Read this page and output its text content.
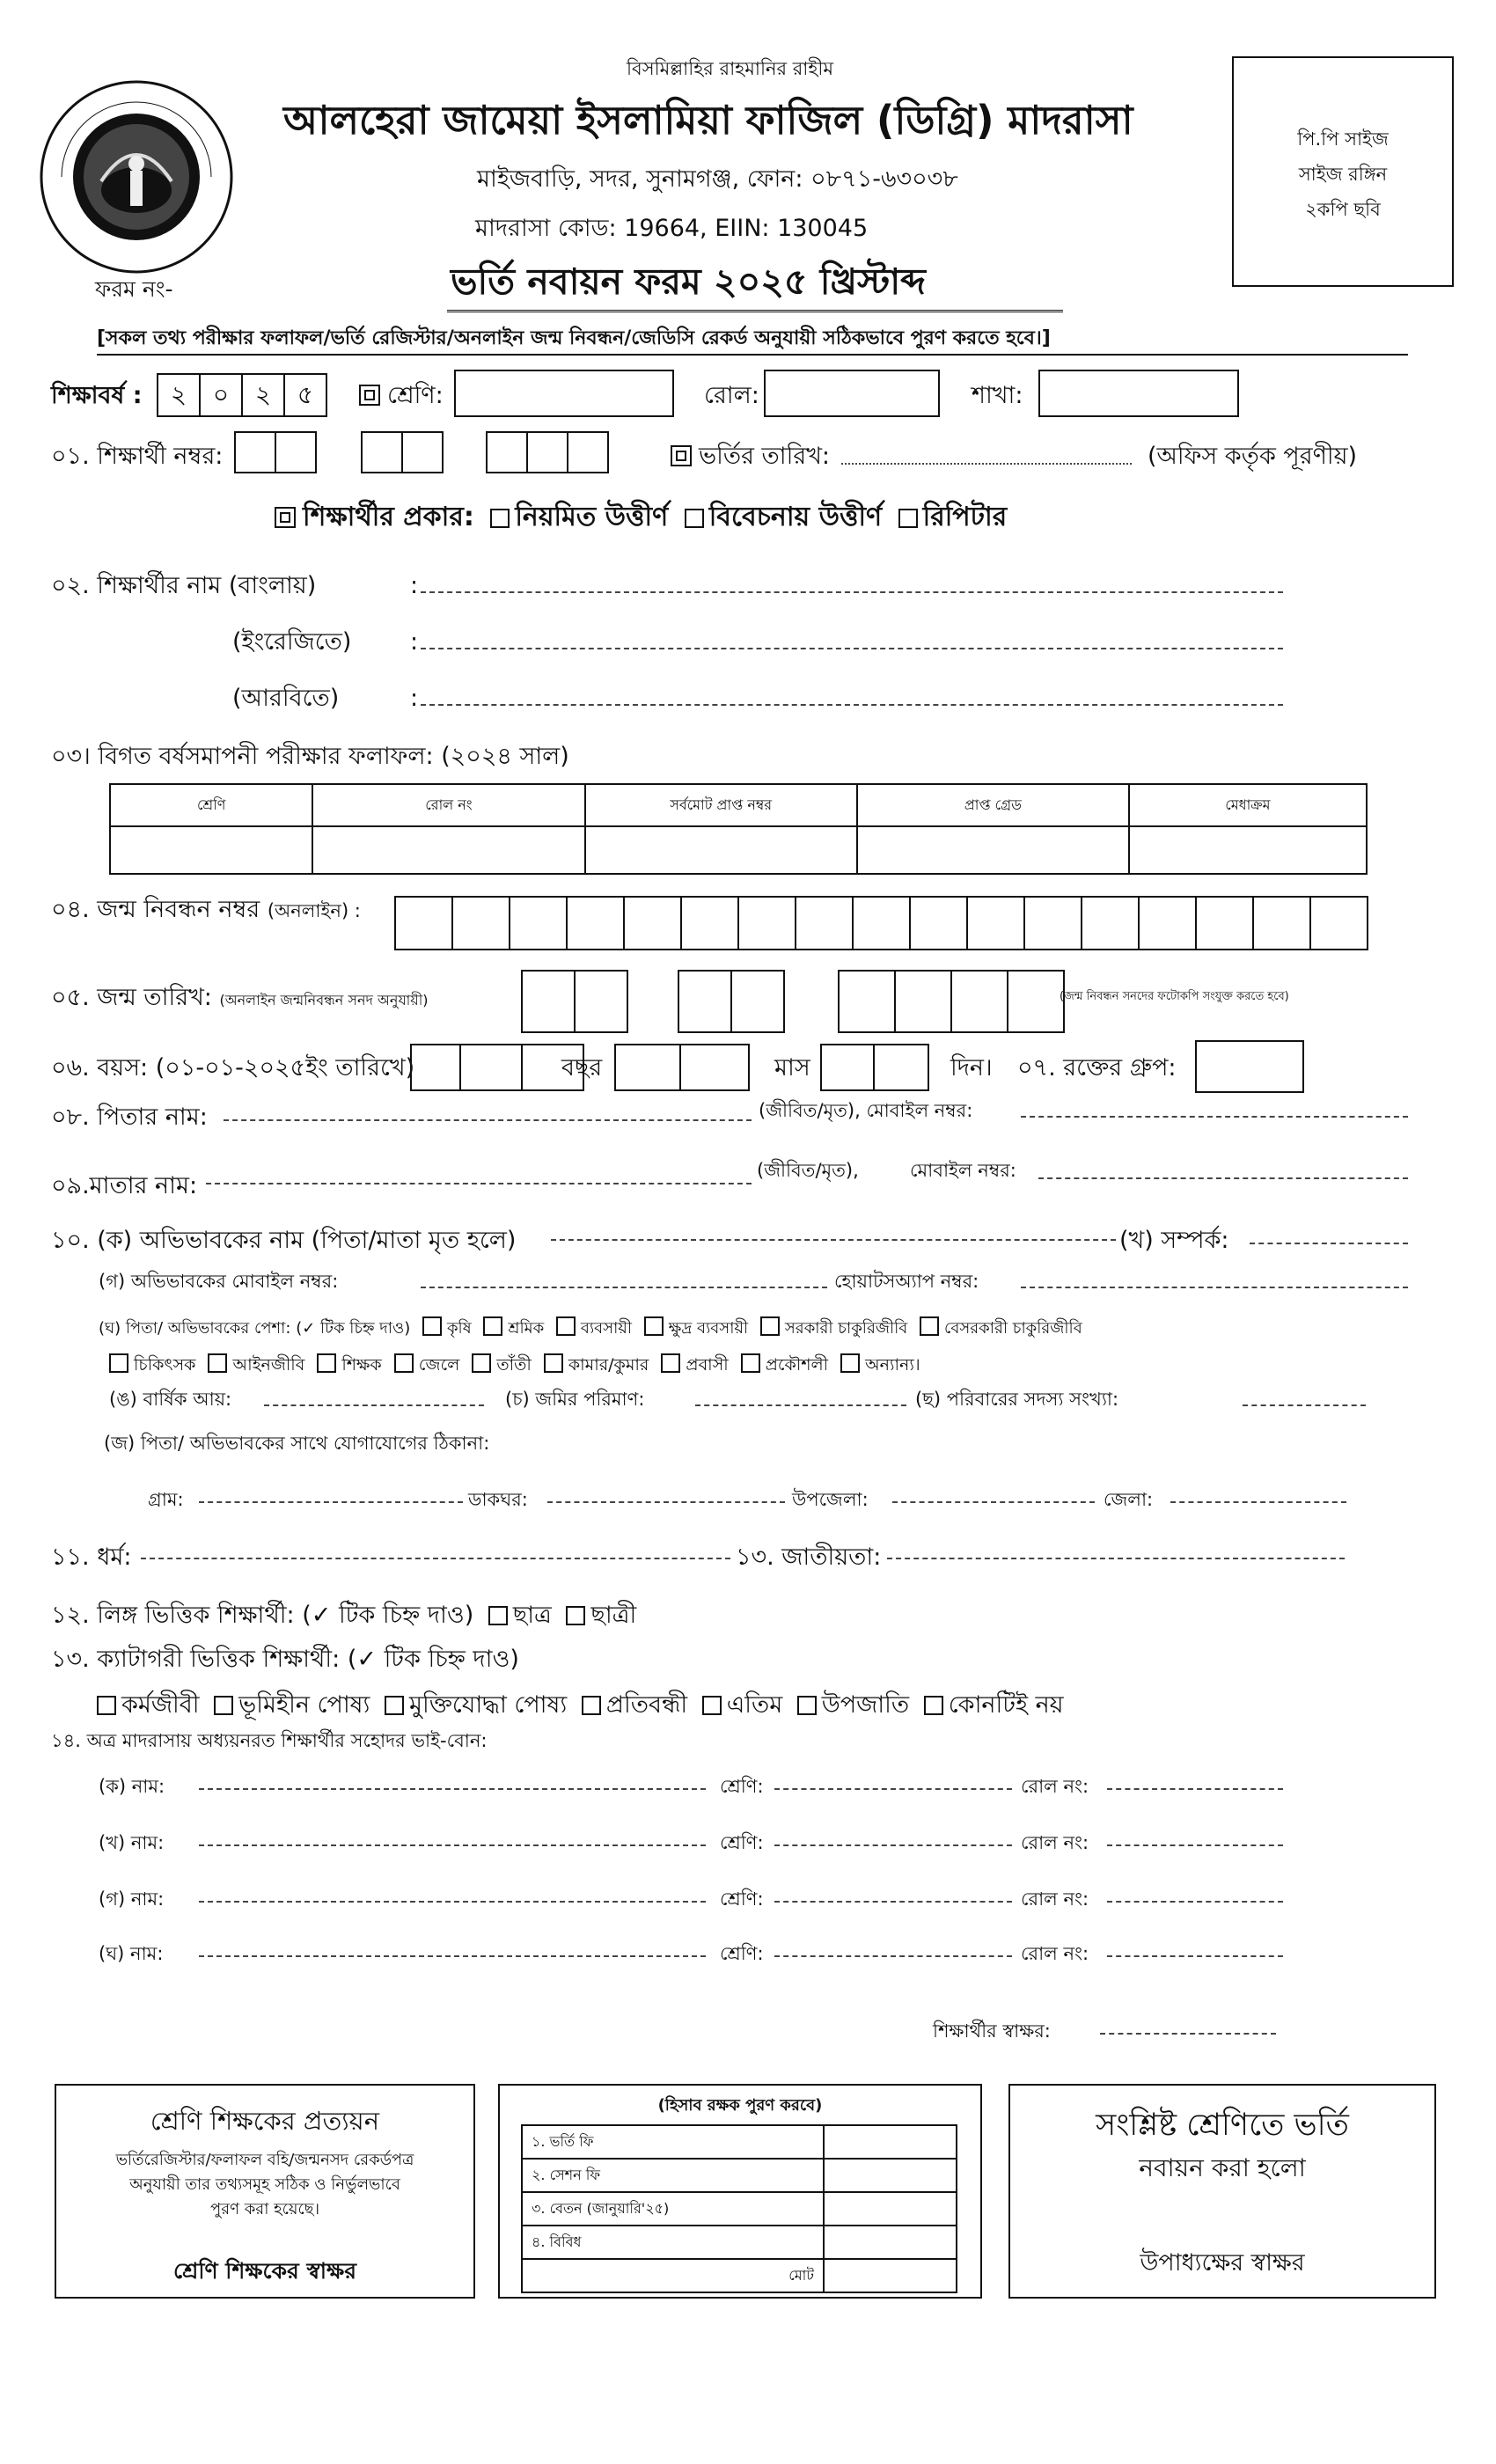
বিসমিল্লাহির রাহমানির রাহীম
আলহেরা জামেয়া ইসলামিয়া ফাজিল (ডিগ্রি) মাদরাসা
মাইজবাড়ি, সদর, সুনামগঞ্জ, ফোন: ০৮৭১-৬৩০৩৮
মাদরাসা কোড: 19664, EIIN: 130045
পি.পি সাইজ
সাইজ রঙ্গিন
২কপি ছবি
ফরম নং-	ভর্তি নবায়ন ফরম ২০২৫ খ্রিস্টাব্দ
[সকল তথ্য পরীক্ষার ফলাফল/ভর্তি রেজিস্টার/অনলাইন জন্ম নিবন্ধন/জেডিসি রেকর্ড অনুযায়ী সঠিকভাবে পুরণ করতে হবে।]
শিক্ষাবর্ষ :	২	০	২	৫	শ্রেণি:	রোল:	শাখা:
০১. শিক্ষার্থী নম্বর:	ভর্তির তারিখ:	(অফিস কর্তৃক পূরণীয়)
শিক্ষার্থীর প্রকার: নিয়মিত উত্তীর্ণ বিবেচনায় উত্তীর্ণ রিপিটার
০২. শিক্ষার্থীর নাম (বাংলায়)	:
(ইংরেজিতে) :
(আরবিতে)	:
০৩। বিগত বর্ষসমাপনী পরীক্ষার ফলাফল: (২০২৪ সাল)
শ্রেণি	রোল নং	সর্বমোট প্রাপ্ত নম্বর	প্রাপ্ত গ্রেড	মেধাক্রম

০৪. জন্ম নিবন্ধন নম্বর (অনলাইন) :
০৫. জন্ম তারিখ: (অনলাইন জন্মনিবন্ধন সনদ অনুযায়ী)	(জন্ম নিবন্ধন সনদের ফটোকপি সংযুক্ত করতে হবে)
০৬. বয়স: (০১-০১-২০২৫ইং তারিখে)	বছর	মাস	দিন। ০৭. রক্তের গ্রুপ:
০৮. পিতার নাম:	(জীবিত/মৃত), মোবাইল নম্বর:
০৯.মাতার নাম:
(জীবিত/মৃত),	মোবাইল নম্বর:
১০. (ক) অভিভাবকের নাম (পিতা/মাতা মৃত হলে)	(খ) সম্পর্ক:
(গ) অভিভাবকের মোবাইল নম্বর:	হোয়াটসঅ্যাপ নম্বর:
(ঘ) পিতা/ অভিভাবকের পেশা: (✓ টিক চিহ্ন দাও) কৃষি শ্রমিক ব্যবসায়ী ক্ষুদ্র ব্যবসায়ী সরকারী চাকুরিজীবি বেসরকারী চাকুরিজীবি
চিকিৎসক আইনজীবি শিক্ষক জেলে তাঁতী কামার/কুমার প্রবাসী প্রকৌশলী অন্যান্য।
(ঙ) বার্ষিক আয়:	(চ) জমির পরিমাণ:	(ছ) পরিবারের সদস্য সংখ্যা:
(জ) পিতা/ অভিভাবকের সাথে যোগাযোগের ঠিকানা:
গ্রাম:	ডাকঘর:	উপজেলা:	জেলা:
১১. ধর্ম:	১৩. জাতীয়তা:
১২. লিঙ্গ ভিত্তিক শিক্ষার্থী: (✓ টিক চিহ্ন দাও) ছাত্র ছাত্রী
১৩. ক্যাটাগরী ভিত্তিক শিক্ষার্থী: (✓ টিক চিহ্ন দাও)
কর্মজীবী ভূমিহীন পোষ্য মুক্তিযোদ্ধা পোষ্য প্রতিবন্ধী এতিম উপজাতি কোনটিই নয়
১৪. অত্র মাদরাসায় অধ্যয়নরত শিক্ষার্থীর সহোদর ভাই-বোন:
(ক) নাম:	শ্রেণি:	রোল নং:
(খ) নাম:	শ্রেণি:	রোল নং:
(গ) নাম:	শ্রেণি:	রোল নং:
(ঘ) নাম:	শ্রেণি:	রোল নং:
শিক্ষার্থীর স্বাক্ষর:
শ্রেণি শিক্ষকের প্রত্যয়ন
ভর্তিরেজিস্টার/ফলাফল বহি/জন্মনসদ রেকর্ডপত্র
অনুযায়ী তার তথ্যসমূহ সঠিক ও নির্ভুলভাবে
পুরণ করা হয়েছে।
শ্রেণি শিক্ষকের স্বাক্ষর
(হিসাব রক্ষক পুরণ করবে)
১. ভর্তি ফি	
২. সেশন ফি	
৩. বেতন (জানুয়ারি'২৫)	
৪. বিবিধ	
মোট	
সংশ্লিষ্ট শ্রেণিতে ভর্তি
নবায়ন করা হলো
উপাধ্যক্ষের স্বাক্ষর
